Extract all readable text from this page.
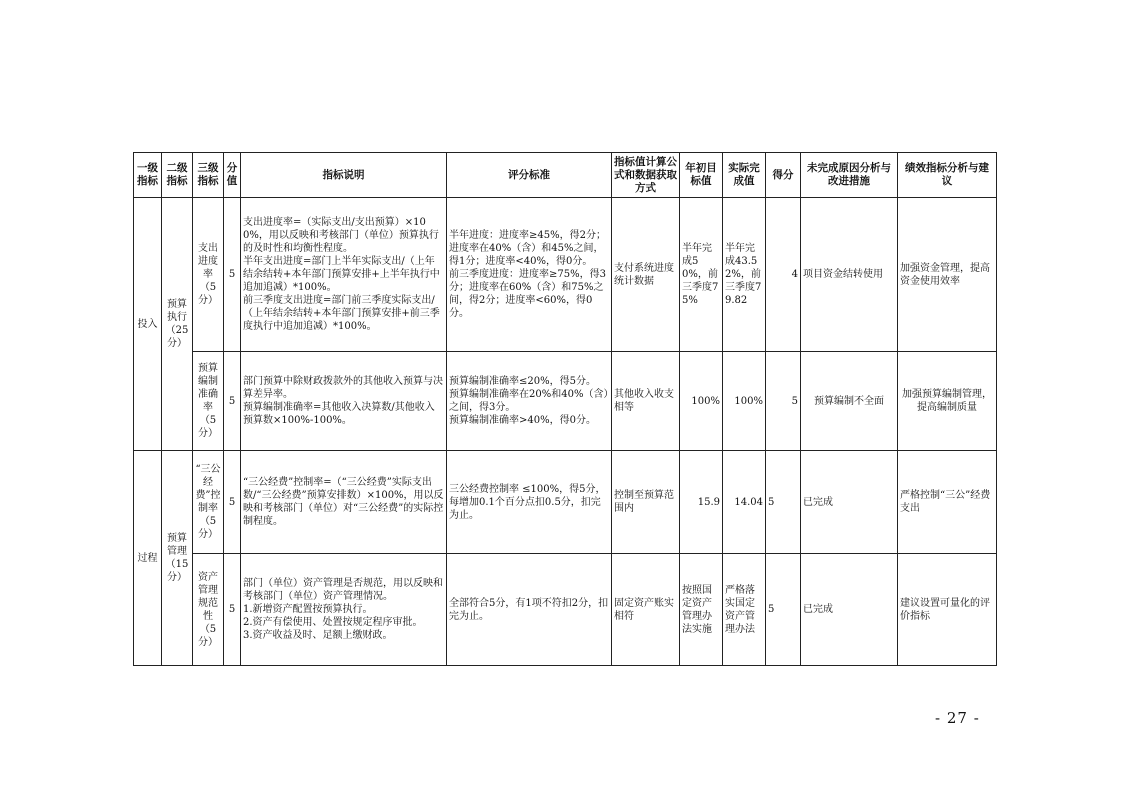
一级指标	二级指标	三级指标	分值	指标说明	评分标准	指标值计算公式和数据获取方式	年初目标值	实际完成值	得分	未完成原因分析与改进措施	绩效指标分析与建议
投入	预算执行（25分）	支出进度率（5分）	5	支出进度率=（实际支出/支出预算）×100%，用以反映和考核部门（单位）预算执行的及时性和均衡性程度。
半年支出进度=部门上半年实际支出/（上年结余结转+本年部门预算安排+上半年执行中追加追减）*100%。
前三季度支出进度=部门前三季度实际支出/（上年结余结转+本年部门预算安排+前三季度执行中追加追减）*100%。	半年进度：进度率≥45%，得2分；进度率在40%（含）和45%之间，得1分；进度率<40%，得0分。
前三季度进度：进度率≥75%，得3分；进度率在60%（含）和75%之间，得2分；进度率<60%，得0分。	支付系统进度统计数据	半年完成50%，前三季度75%	半年完成43.52%，前三季度79.82	4	项目资金结转使用	加强资金管理，提高资金使用效率
		预算编制准确率（5分）	5	部门预算中除财政拨款外的其他收入预算与决算差异率。
预算编制准确率=其他收入决算数/其他收入预算数×100%-100%。	预算编制准确率≤20%，得5分。
预算编制准确率在20%和40%（含）之间，得3分。
预算编制准确率>40%，得0分。	其他收入收支相等	100%	100%	5	预算编制不全面	加强预算编制管理，提高编制质量
过程	预算管理（15分）	“三公经费”控制率（5分）	5	“三公经费”控制率=（“三公经费”实际支出数/“三公经费”预算安排数）×100%，用以反映和考核部门（单位）对“三公经费”的实际控制程度。	三公经费控制率 ≤100%，得5分，每增加0.1个百分点扣0.5分，扣完为止。	控制至预算范围内	15.9	14.04	5	已完成	严格控制“三公”经费支出
		资产管理规范性（5分）	5	部门（单位）资产管理是否规范，用以反映和考核部门（单位）资产管理情况。
1.新增资产配置按预算执行。
2.资产有偿使用、处置按规定程序审批。
3.资产收益及时、足额上缴财政。	全部符合5分，有1项不符扣2分，扣完为止。	固定资产账实相符	按照国定资产管理办法实施	严格落实国定资产管理办法	5	已完成	建议设置可量化的评价指标
- 27 -
